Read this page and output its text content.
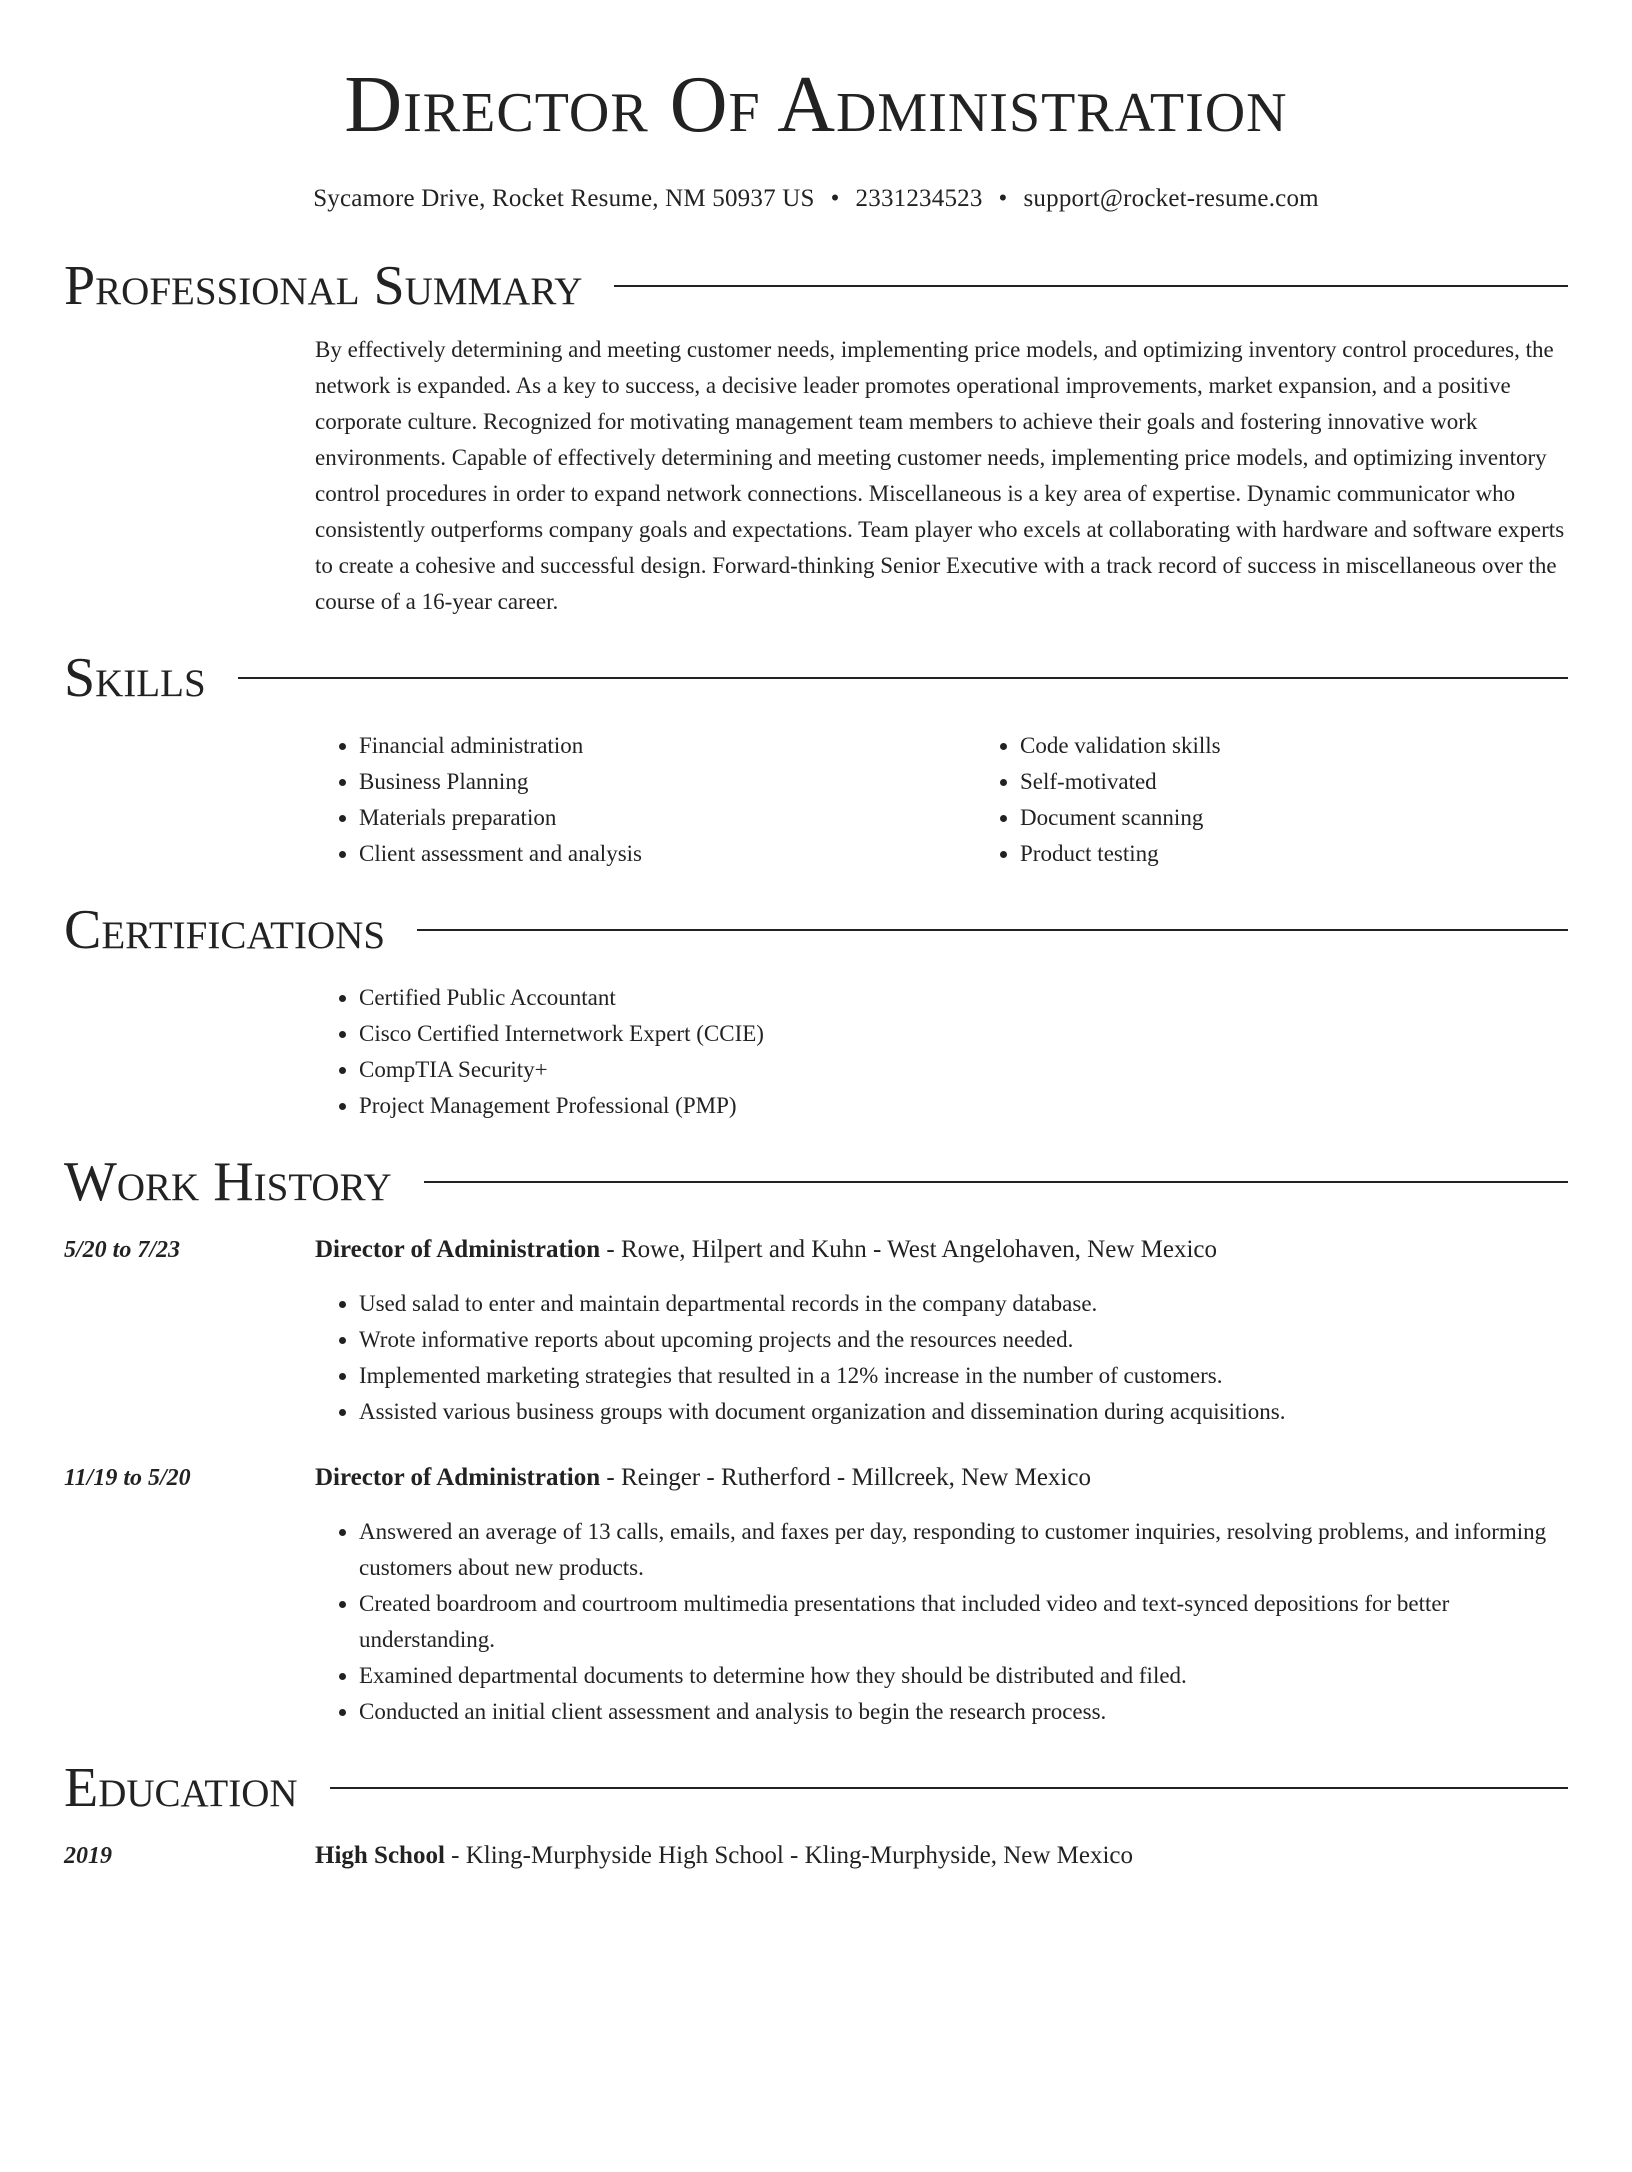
Director Of Administration
Sycamore Drive, Rocket Resume, NM 50937 US • 2331234523 • support@rocket-resume.com
Professional Summary

By effectively determining and meeting customer needs, implementing price models, and optimizing inventory control procedures, the network is expanded. As a key to success, a decisive leader promotes operational improvements, market expansion, and a positive corporate culture. Recognized for motivating management team members to achieve their goals and fostering innovative work environments. Capable of effectively determining and meeting customer needs, implementing price models, and optimizing inventory control procedures in order to expand network connections. Miscellaneous is a key area of expertise. Dynamic communicator who consistently outperforms company goals and expectations. Team player who excels at collaborating with hardware and software experts to create a cohesive and successful design. Forward-thinking Senior Executive with a track record of success in miscellaneous over the course of a 16-year career.

Skills
• Financial administration
• Business Planning
• Materials preparation
• Client assessment and analysis
• Code validation skills
• Self-motivated
• Document scanning
• Product testing
Certifications
• Certified Public Accountant
• Cisco Certified Internetwork Expert (CCIE)
• CompTIA Security+
• Project Management Professional (PMP)
Work History
5/20 to 7/23	Director of Administration - Rowe, Hilpert and Kuhn - West Angelohaven, New Mexico
• Used salad to enter and maintain departmental records in the company database.
• Wrote informative reports about upcoming projects and the resources needed.
• Implemented marketing strategies that resulted in a 12% increase in the number of customers.
• Assisted various business groups with document organization and dissemination during acquisitions.
11/19 to 5/20	Director of Administration - Reinger - Rutherford - Millcreek, New Mexico
• Answered an average of 13 calls, emails, and faxes per day, responding to customer inquiries, resolving problems, and informing customers about new products.
• Created boardroom and courtroom multimedia presentations that included video and text-synced depositions for better understanding.
• Examined departmental documents to determine how they should be distributed and filed.
• Conducted an initial client assessment and analysis to begin the research process.
Education
2019	High School - Kling-Murphyside High School - Kling-Murphyside, New Mexico
